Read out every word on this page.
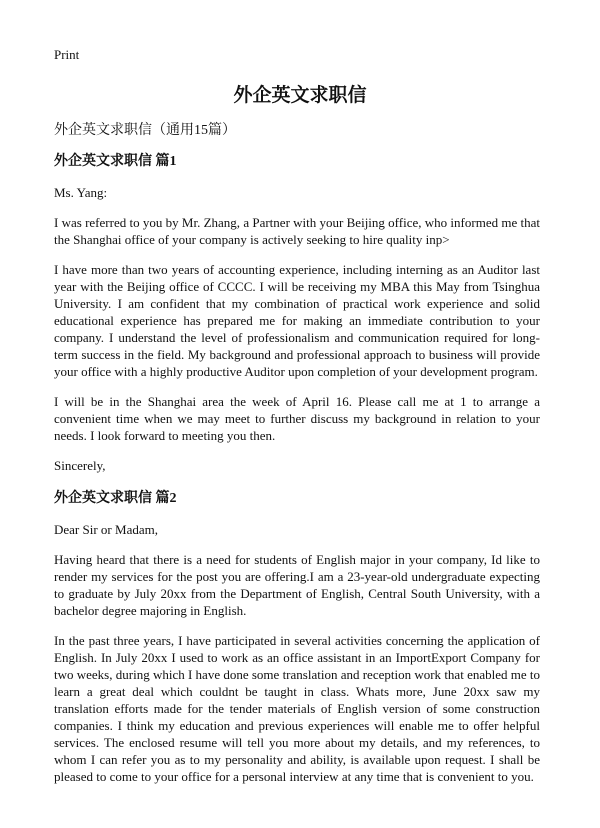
Print
外企英文求职信
外企英文求职信（通用15篇）
外企英文求职信 篇1
Ms. Yang:

I was referred to you by Mr. Zhang, a Partner with your Beijing office, who informed me that the Shanghai office of your company is actively seeking to hire quality inp>

I have more than two years of accounting experience, including interning as an Auditor last year with the Beijing office of CCCC. I will be receiving my MBA this May from Tsinghua University. I am confident that my combination of practical work experience and solid educational experience has prepared me for making an immediate contribution to your company. I understand the level of professionalism and communication required for long-term success in the field. My background and professional approach to business will provide your office with a highly productive Auditor upon completion of your development program.

I will be in the Shanghai area the week of April 16. Please call me at 1 to arrange a convenient time when we may meet to further discuss my background in relation to your needs. I look forward to meeting you then.

Sincerely,
外企英文求职信 篇2
Dear Sir or Madam,

Having heard that there is a need for students of English major in your company, Id like to render my services for the post you are offering.I am a 23-year-old undergraduate expecting to graduate by July 20xx from the Department of English, Central South University, with a bachelor degree majoring in English.

In the past three years, I have participated in several activities concerning the application of English. In July 20xx I used to work as an office assistant in an ImportExport Company for two weeks, during which I have done some translation and reception work that enabled me to learn a great deal which couldnt be taught in class. Whats more, June 20xx saw my translation efforts made for the tender materials of English version of some construction companies. I think my education and previous experiences will enable me to offer helpful services. The enclosed resume will tell you more about my details, and my references, to whom I can refer you as to my personality and ability, is available upon request. I shall be pleased to come to your office for a personal interview at any time that is convenient to you.
